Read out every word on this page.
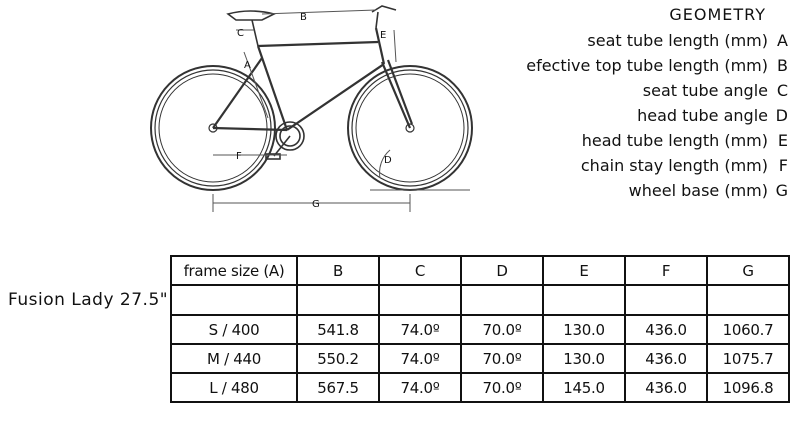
B
C
A
E
F	D
G
GEOMETRY
seat tube length (mm) A
efective top tube length (mm) B
seat tube angle C
head tube angle D
head tube length (mm) E
chain stay length (mm) F
wheel base (mm) G
Fusion Lady 27.5"
frame size (A)	B	C	D	E	F	G

S / 400	541.8	74.0º	70.0º	130.0	436.0	1060.7
M / 440	550.2	74.0º	70.0º	130.0	436.0	1075.7
L / 480	567.5	74.0º	70.0º	145.0	436.0	1096.8
